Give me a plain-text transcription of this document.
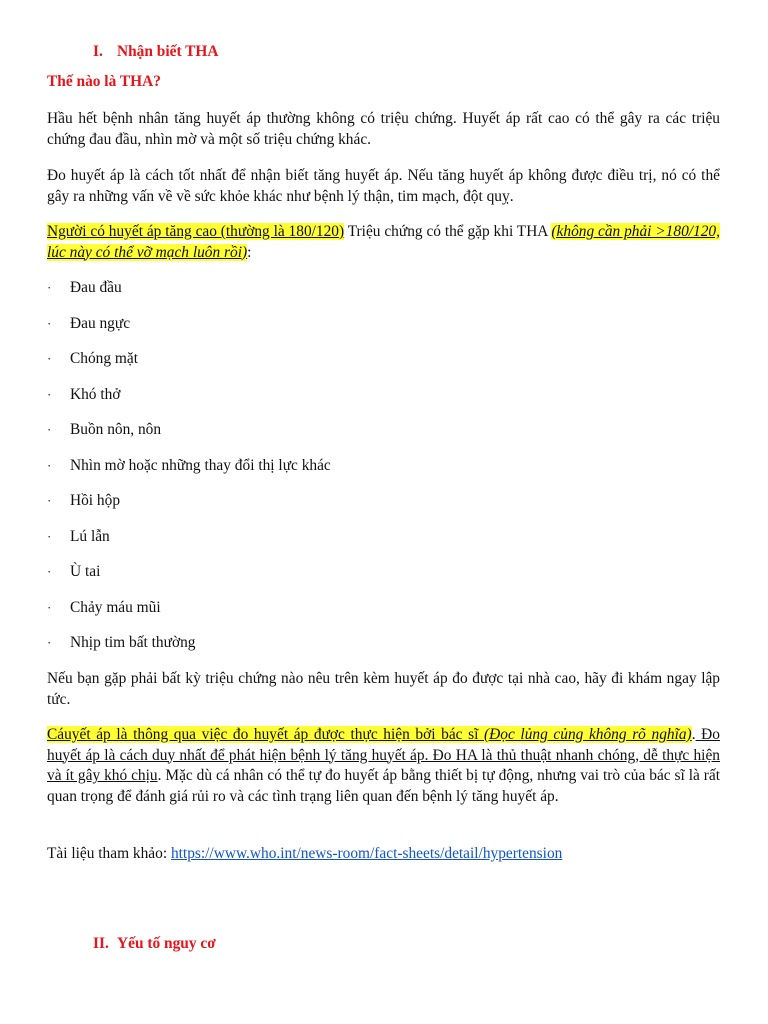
I. Nhận biết THA
Thế nào là THA?

Hầu hết bệnh nhân tăng huyết áp thường không có triệu chứng. Huyết áp rất cao có thể gây ra các triệu chứng đau đầu, nhìn mờ và một số triệu chứng khác.

Đo huyết áp là cách tốt nhất để nhận biết tăng huyết áp. Nếu tăng huyết áp không được điều trị, nó có thể gây ra những vấn về về sức khỏe khác như bệnh lý thận, tim mạch, đột quỵ.

Người có huyết áp tăng cao (thường là 180/120) Triệu chứng có thể gặp khi THA (không cần phải >180/120, lúc này có thể vỡ mạch luôn rồi):

·	Đau đầu
·	Đau ngực
·	Chóng mặt
·	Khó thở
·	Buồn nôn, nôn
·	Nhìn mờ hoặc những thay đổi thị lực khác
·	Hồi hộp
·	Lú lẫn
·	Ù tai
·	Chảy máu mũi
·	Nhịp tim bất thường

Nếu bạn gặp phải bất kỳ triệu chứng nào nêu trên kèm huyết áp đo được tại nhà cao, hãy đi khám ngay lập tức.

Cáuyết áp là thông qua việc đo huyết áp được thực hiện bởi bác sĩ (Đọc lủng củng không rõ nghĩa). Đo huyết áp là cách duy nhất để phát hiện bệnh lý tăng huyết áp. Đo HA là thủ thuật nhanh chóng, dễ thực hiện và ít gây khó chịu. Mặc dù cá nhân có thể tự đo huyết áp bằng thiết bị tự động, nhưng vai trò của bác sĩ là rất quan trọng để đánh giá rủi ro và các tình trạng liên quan đến bệnh lý tăng huyết áp.

Tài liệu tham khảo: https://www.who.int/news-room/fact-sheets/detail/hypertension

II. Yếu tố nguy cơ
